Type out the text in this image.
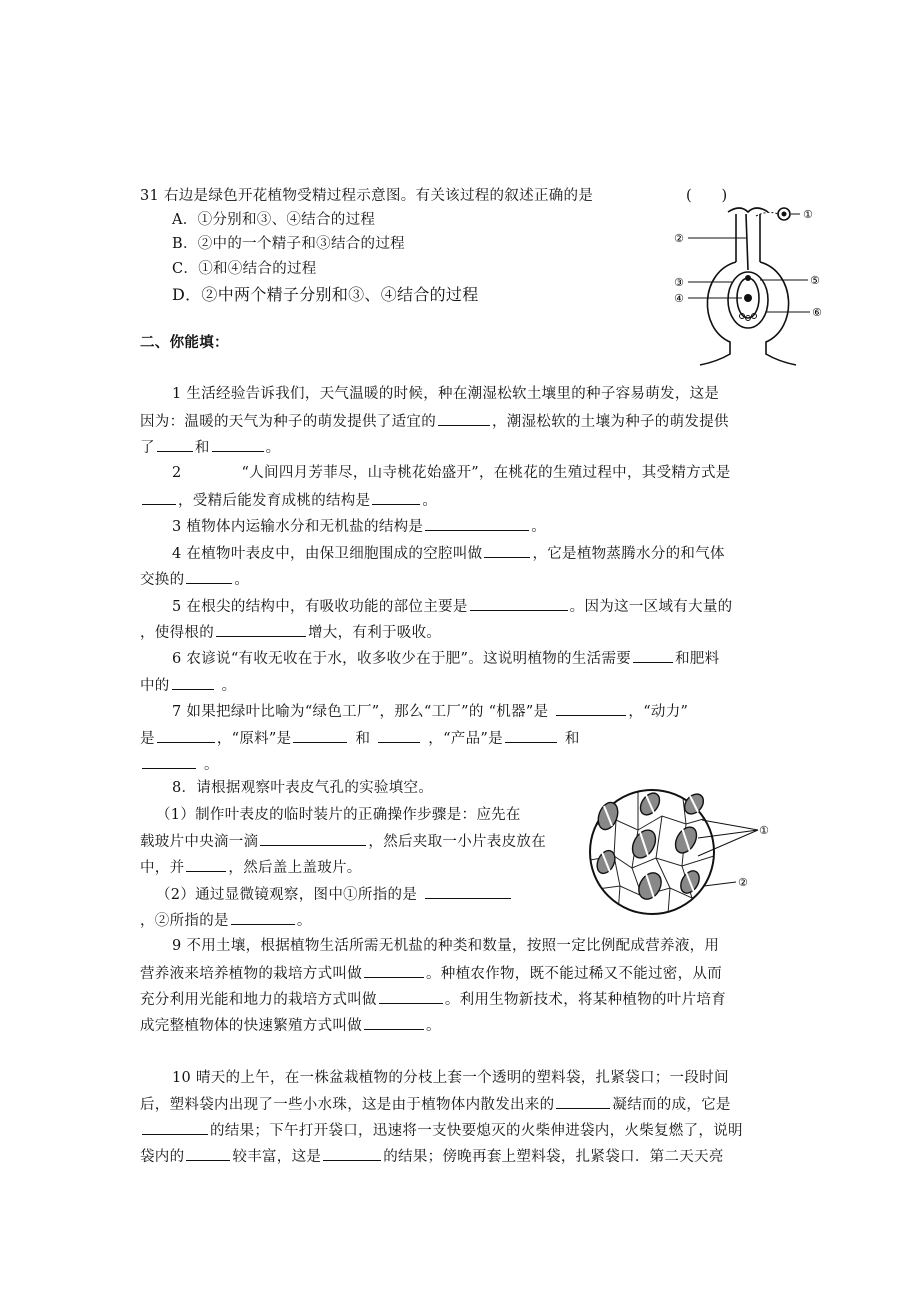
31 右边是绿色开花植物受精过程示意图。有关该过程的叙述正确的是	(　　)
A．①分别和③、④结合的过程
B．②中的一个精子和③结合的过程
C．①和④结合的过程
D．②中两个精子分别和③、④结合的过程
①
②
③
④
⑤
⑥
二、你能填：
1 生活经验告诉我们，天气温暖的时候，种在潮湿松软土壤里的种子容易萌发，这是
因为：温暖的天气为种子的萌发提供了适宜的	，潮湿松软的土壤为种子的萌发提供
了	和	。
2	“人间四月芳菲尽，山寺桃花始盛开”，在桃花的生殖过程中，其受精方式是
，受精后能发育成桃的结构是	。
3 植物体内运输水分和无机盐的结构是	。
4 在植物叶表皮中，由保卫细胞围成的空腔叫做	，它是植物蒸腾水分的和气体
交换的	。
5 在根尖的结构中，有吸收功能的部位主要是	。因为这一区域有大量的
，使得根的	增大，有利于吸收。
6 农谚说“有收无收在于水，收多收少在于肥”。这说明植物的生活需要	和肥料
中的	。
7 如果把绿叶比喻为“绿色工厂”，那么“工厂”的 “机器”是	，“动力”
是	，“原料”是	和	，“产品”是	和
。
8．请根据观察叶表皮气孔的实验填空。
（1）制作叶表皮的临时装片的正确操作步骤是：应先在
载玻片中央滴一滴	，然后夹取一小片表皮放在
中，并	，然后盖上盖玻片。
（2）通过显微镜观察，图中①所指的是
，②所指的是	。
①
②
9 不用土壤，根据植物生活所需无机盐的种类和数量，按照一定比例配成营养液，用
营养液来培养植物的栽培方式叫做	。种植农作物，既不能过稀又不能过密，从而
充分利用光能和地力的栽培方式叫做	。利用生物新技术，将某种植物的叶片培育
成完整植物体的快速繁殖方式叫做	。
10 晴天的上午，在一株盆栽植物的分枝上套一个透明的塑料袋，扎紧袋口；一段时间
后，塑料袋内出现了一些小水珠，这是由于植物体内散发出来的	凝结而的成，它是
的结果；下午打开袋口，迅速将一支快要熄灭的火柴伸进袋内，火柴复燃了，说明
袋内的	较丰富，这是	的结果；傍晚再套上塑料袋，扎紧袋口．第二天天亮
